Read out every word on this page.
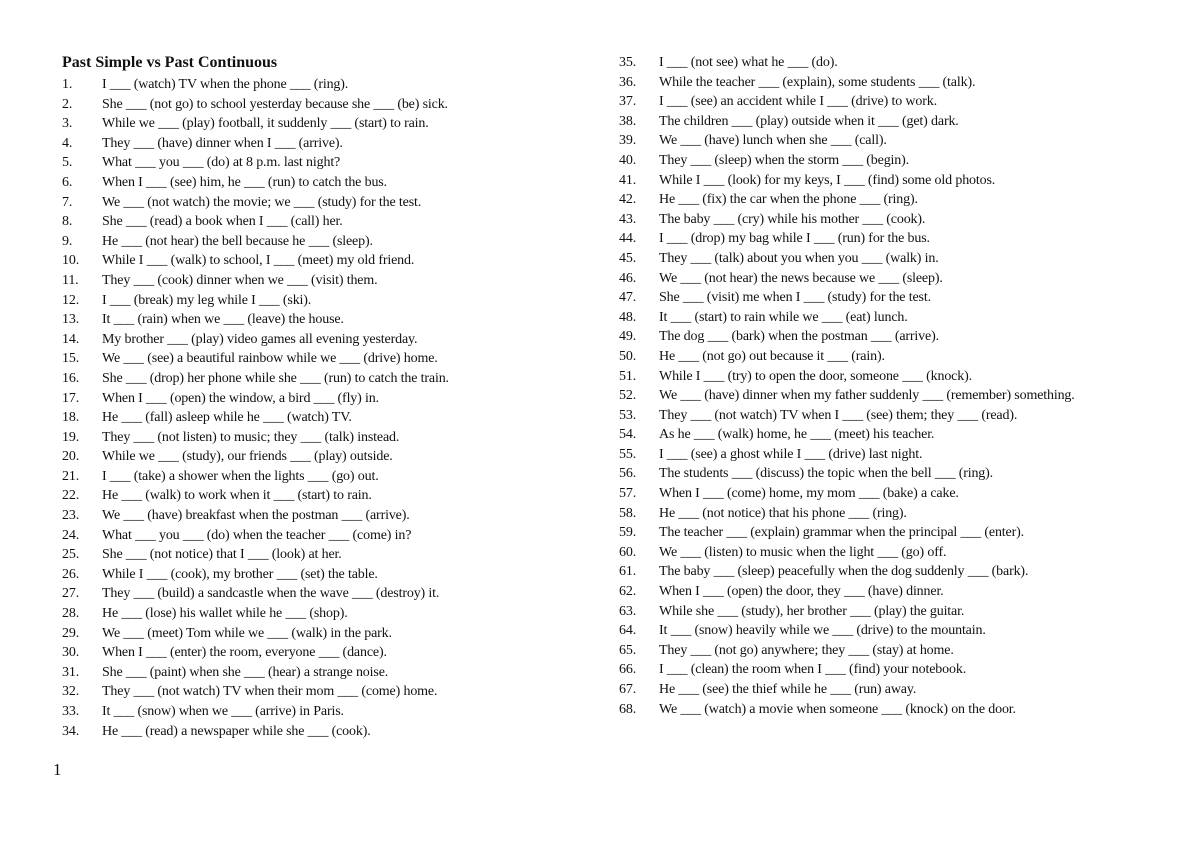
Past Simple vs Past Continuous
1.	I ___ (watch) TV when the phone ___ (ring).
2.	She ___ (not go) to school yesterday because she ___ (be) sick.
3.	While we ___ (play) football, it suddenly ___ (start) to rain.
4.	They ___ (have) dinner when I ___ (arrive).
5.	What ___ you ___ (do) at 8 p.m. last night?
6.	When I ___ (see) him, he ___ (run) to catch the bus.
7.	We ___ (not watch) the movie; we ___ (study) for the test.
8.	She ___ (read) a book when I ___ (call) her.
9.	He ___ (not hear) the bell because he ___ (sleep).
10.	While I ___ (walk) to school, I ___ (meet) my old friend.
11.	They ___ (cook) dinner when we ___ (visit) them.
12.	I ___ (break) my leg while I ___ (ski).
13.	It ___ (rain) when we ___ (leave) the house.
14.	My brother ___ (play) video games all evening yesterday.
15.	We ___ (see) a beautiful rainbow while we ___ (drive) home.
16.	She ___ (drop) her phone while she ___ (run) to catch the train.
17.	When I ___ (open) the window, a bird ___ (fly) in.
18.	He ___ (fall) asleep while he ___ (watch) TV.
19.	They ___ (not listen) to music; they ___ (talk) instead.
20.	While we ___ (study), our friends ___ (play) outside.
21.	I ___ (take) a shower when the lights ___ (go) out.
22.	He ___ (walk) to work when it ___ (start) to rain.
23.	We ___ (have) breakfast when the postman ___ (arrive).
24.	What ___ you ___ (do) when the teacher ___ (come) in?
25.	She ___ (not notice) that I ___ (look) at her.
26.	While I ___ (cook), my brother ___ (set) the table.
27.	They ___ (build) a sandcastle when the wave ___ (destroy) it.
28.	He ___ (lose) his wallet while he ___ (shop).
29.	We ___ (meet) Tom while we ___ (walk) in the park.
30.	When I ___ (enter) the room, everyone ___ (dance).
31.	She ___ (paint) when she ___ (hear) a strange noise.
32.	They ___ (not watch) TV when their mom ___ (come) home.
33.	It ___ (snow) when we ___ (arrive) in Paris.
34.	He ___ (read) a newspaper while she ___ (cook).
35.	I ___ (not see) what he ___ (do).
36.	While the teacher ___ (explain), some students ___ (talk).
37.	I ___ (see) an accident while I ___ (drive) to work.
38.	The children ___ (play) outside when it ___ (get) dark.
39.	We ___ (have) lunch when she ___ (call).
40.	They ___ (sleep) when the storm ___ (begin).
41.	While I ___ (look) for my keys, I ___ (find) some old photos.
42.	He ___ (fix) the car when the phone ___ (ring).
43.	The baby ___ (cry) while his mother ___ (cook).
44.	I ___ (drop) my bag while I ___ (run) for the bus.
45.	They ___ (talk) about you when you ___ (walk) in.
46.	We ___ (not hear) the news because we ___ (sleep).
47.	She ___ (visit) me when I ___ (study) for the test.
48.	It ___ (start) to rain while we ___ (eat) lunch.
49.	The dog ___ (bark) when the postman ___ (arrive).
50.	He ___ (not go) out because it ___ (rain).
51.	While I ___ (try) to open the door, someone ___ (knock).
52. We ___ (have) dinner when my father suddenly ___ (remember) something.
53.	They ___ (not watch) TV when I ___ (see) them; they ___ (read).
54.	As he ___ (walk) home, he ___ (meet) his teacher.
55.	I ___ (see) a ghost while I ___ (drive) last night.
56.	The students ___ (discuss) the topic when the bell ___ (ring).
57.	When I ___ (come) home, my mom ___ (bake) a cake.
58.	He ___ (not notice) that his phone ___ (ring).
59.	The teacher ___ (explain) grammar when the principal ___ (enter).
60.	We ___ (listen) to music when the light ___ (go) off.
61.	The baby ___ (sleep) peacefully when the dog suddenly ___ (bark).
62.	When I ___ (open) the door, they ___ (have) dinner.
63.	While she ___ (study), her brother ___ (play) the guitar.
64.	It ___ (snow) heavily while we ___ (drive) to the mountain.
65.	They ___ (not go) anywhere; they ___ (stay) at home.
66.	I ___ (clean) the room when I ___ (find) your notebook.
67.	He ___ (see) the thief while he ___ (run) away.
68.	We ___ (watch) a movie when someone ___ (knock) on the door.
1
